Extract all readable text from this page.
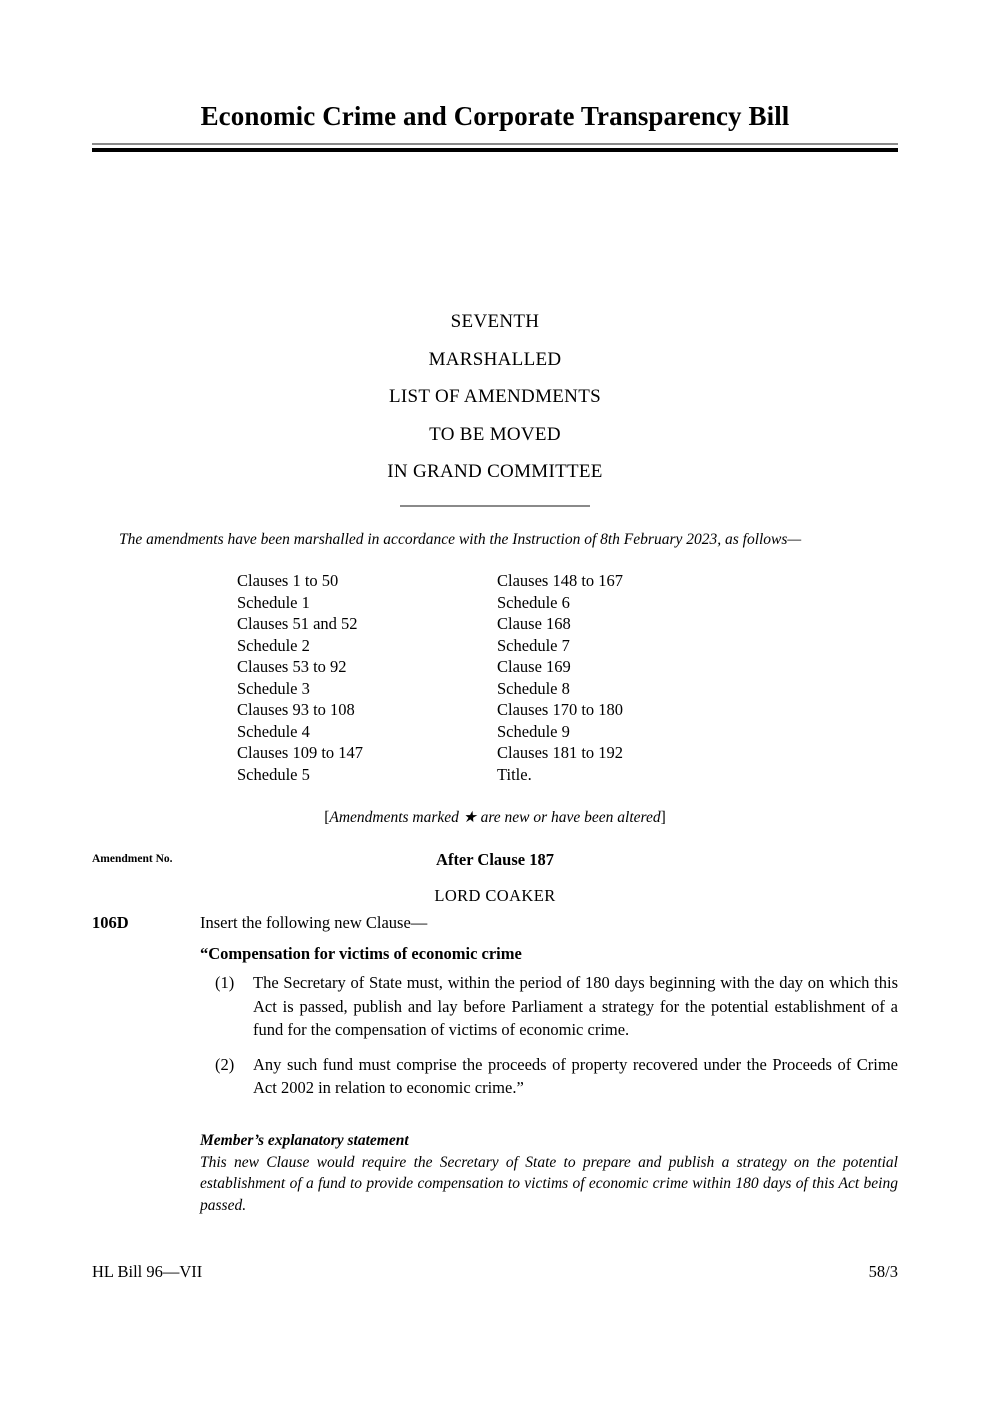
Economic Crime and Corporate Transparency Bill
SEVENTH
MARSHALLED
LIST OF AMENDMENTS
TO BE MOVED
IN GRAND COMMITTEE
The amendments have been marshalled in accordance with the Instruction of 8th February 2023, as follows—
Clauses 1 to 50	Clauses 148 to 167
Schedule 1	Schedule 6
Clauses 51 and 52	Clause 168
Schedule 2	Schedule 7
Clauses 53 to 92	Clause 169
Schedule 3	Schedule 8
Clauses 93 to 108	Clauses 170 to 180
Schedule 4	Schedule 9
Clauses 109 to 147	Clauses 181 to 192
Schedule 5	Title.
[Amendments marked ★ are new or have been altered]
Amendment No.	After Clause 187
LORD COAKER
106D	Insert the following new Clause—
“Compensation for victims of economic crime
(1)	The Secretary of State must, within the period of 180 days beginning with the day on which this Act is passed, publish and lay before Parliament a strategy for the potential establishment of a fund for the compensation of victims of economic crime.
(2)	Any such fund must comprise the proceeds of property recovered under the Proceeds of Crime Act 2002 in relation to economic crime.”
Member’s explanatory statement
This new Clause would require the Secretary of State to prepare and publish a strategy on the potential establishment of a fund to provide compensation to victims of economic crime within 180 days of this Act being passed.
HL Bill 96—VII	58/3
